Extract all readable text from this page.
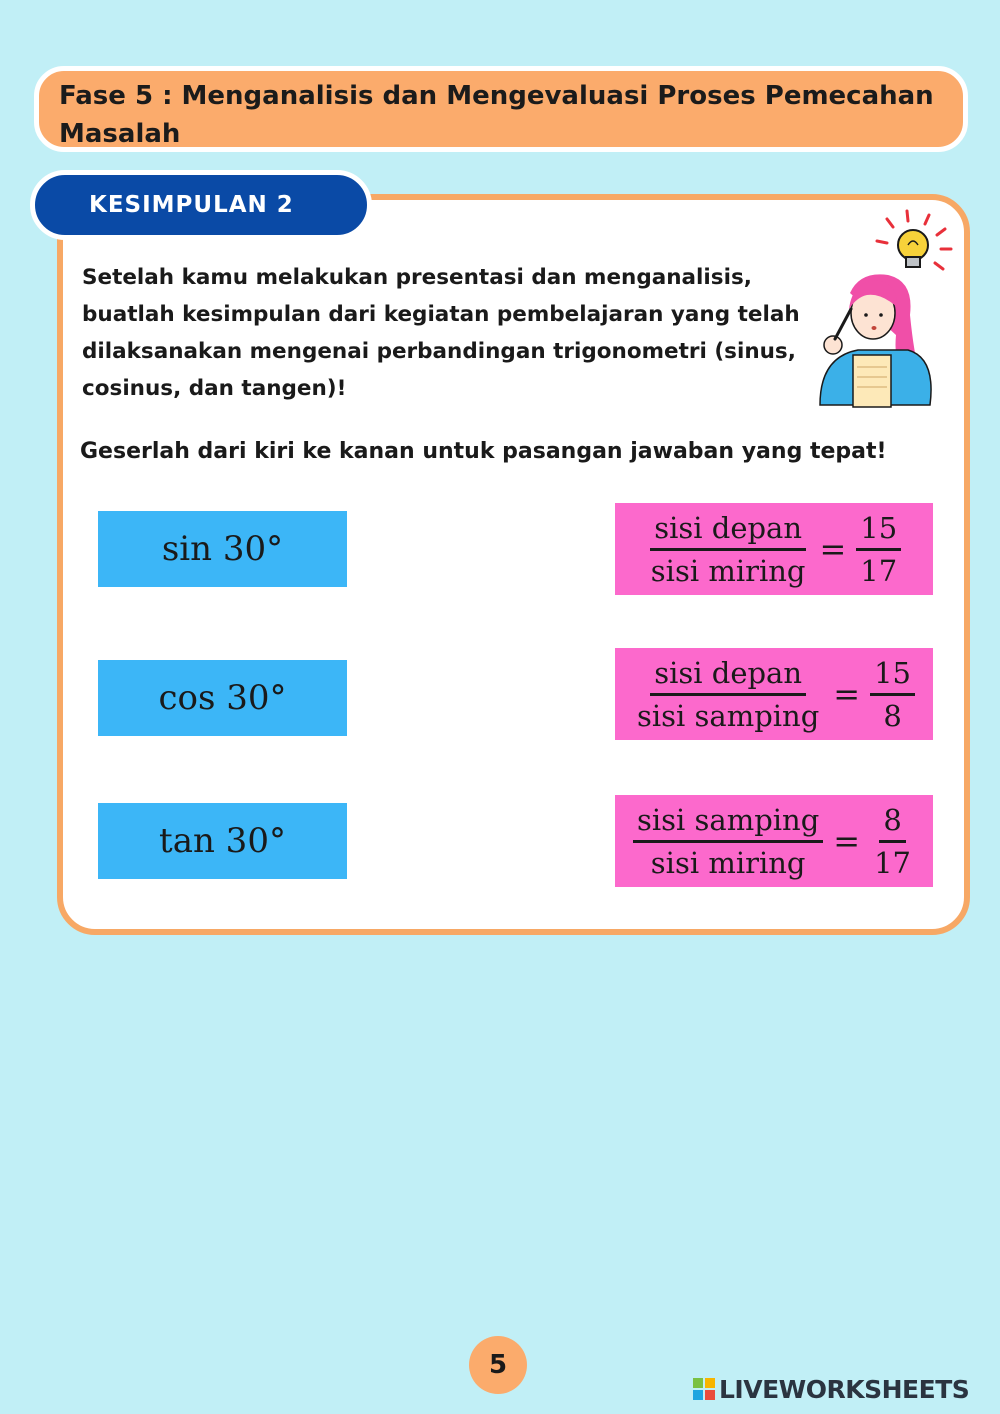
Fase 5 : Menganalisis dan Mengevaluasi Proses Pemecahan Masalah
KESIMPULAN 2

Setelah kamu melakukan presentasi dan menganalisis, buatlah kesimpulan dari kegiatan pembelajaran yang telah dilaksanakan mengenai perbandingan trigonometri (sinus, cosinus, dan tangen)!

Geserlah dari kiri ke kanan untuk pasangan jawaban yang tepat!

sin 30°
cos 30°
tan 30°
$\frac{\text{sisi depan}}{\text{sisi miring}} = \frac{15}{17}$
$\frac{\text{sisi depan}}{\text{sisi samping}} = \frac{15}{8}$
$\frac{\text{sisi samping}}{\text{sisi miring}} = \frac{8}{17}$
5
LIVEWORKSHEETS
